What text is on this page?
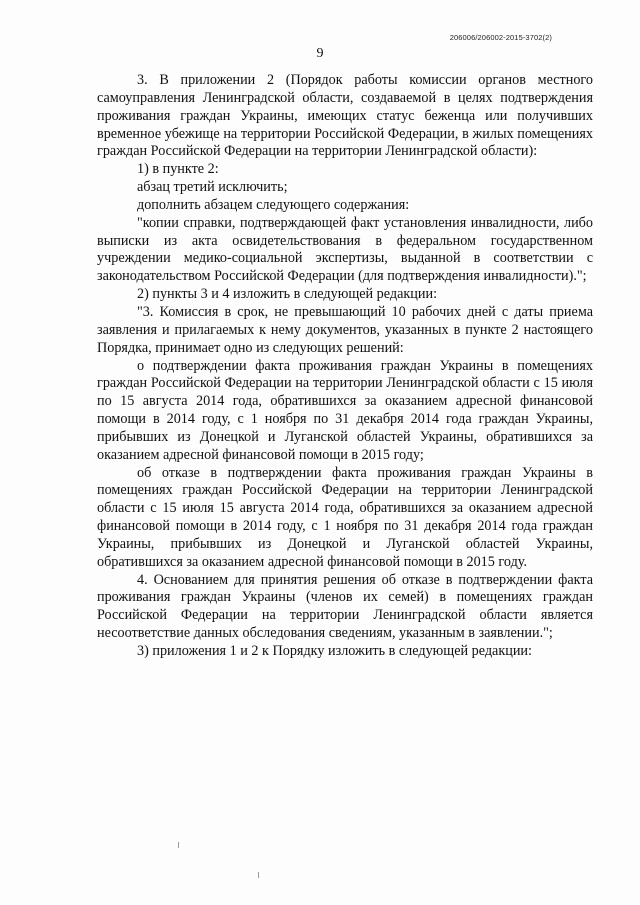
206006/206002-2015-3702(2)
9

3. В приложении 2 (Порядок работы комиссии органов местного самоуправления Ленинградской области, создаваемой в целях подтверждения проживания граждан Украины, имеющих статус беженца или получивших временное убежище на территории Российской Федерации, в жилых помещениях граждан Российской Федерации на территории Ленинградской области):

1) в пункте 2:

абзац третий исключить;

дополнить абзацем следующего содержания:

"копии справки, подтверждающей факт установления инвалидности, либо выписки из акта освидетельствования в федеральном государственном учреждении медико-социальной экспертизы, выданной в соответствии с законодательством Российской Федерации (для подтверждения инвалидности).";

2) пункты 3 и 4 изложить в следующей редакции:

"3. Комиссия в срок, не превышающий 10 рабочих дней с даты приема заявления и прилагаемых к нему документов, указанных в пункте 2 настоящего Порядка, принимает одно из следующих решений:

о подтверждении факта проживания граждан Украины в помещениях граждан Российской Федерации на территории Ленинградской области с 15 июля по 15 августа 2014 года, обратившихся за оказанием адресной финансовой помощи в 2014 году, с 1 ноября по 31 декабря 2014 года граждан Украины, прибывших из Донецкой и Луганской областей Украины, обратившихся за оказанием адресной финансовой помощи в 2015 году;

об отказе в подтверждении факта проживания граждан Украины в помещениях граждан Российской Федерации на территории Ленинградской области с 15 июля 15 августа 2014 года, обратившихся за оказанием адресной финансовой помощи в 2014 году, с 1 ноября по 31 декабря 2014 года граждан Украины, прибывших из Донецкой и Луганской областей Украины, обратившихся за оказанием адресной финансовой помощи в 2015 году.

4. Основанием для принятия решения об отказе в подтверждении факта проживания граждан Украины (членов их семей) в помещениях граждан Российской Федерации на территории Ленинградской области является несоответствие данных обследования сведениям, указанным в заявлении.";

3) приложения 1 и 2 к Порядку изложить в следующей редакции:
